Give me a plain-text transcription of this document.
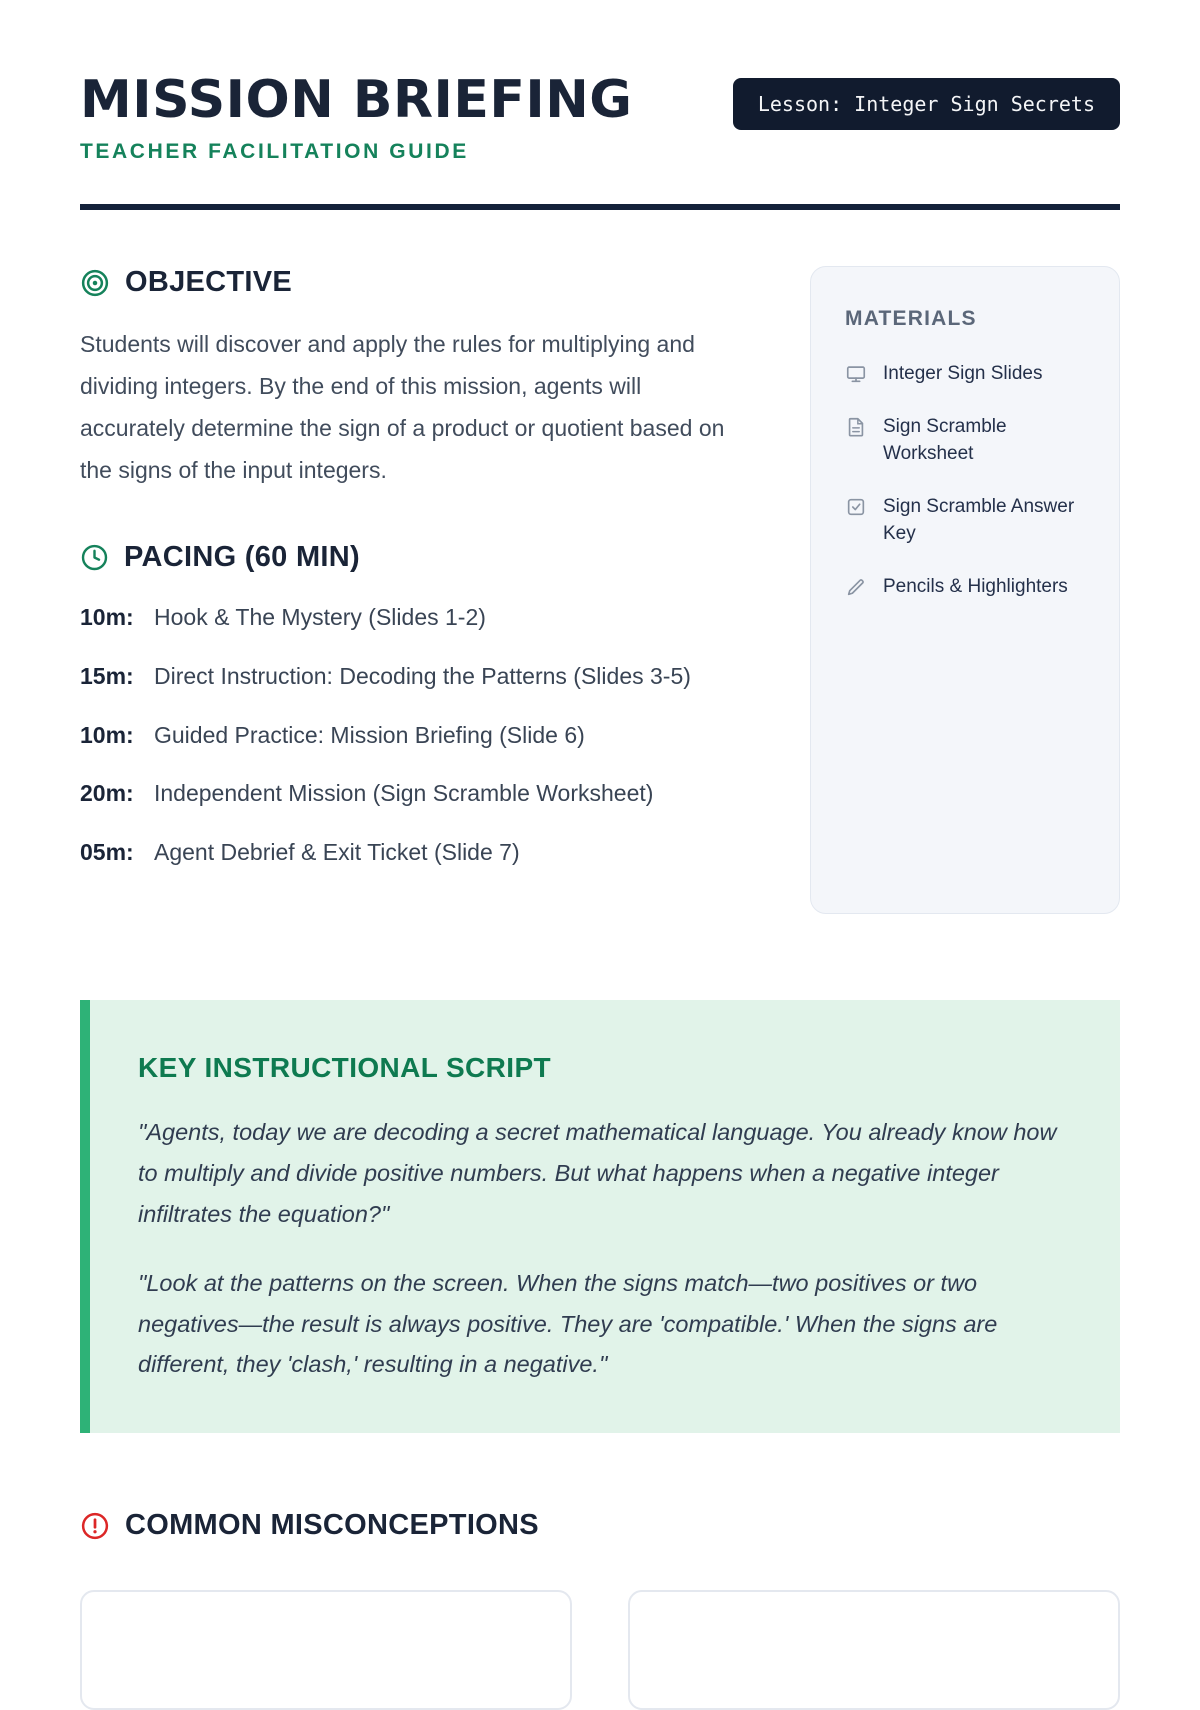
MISSION BRIEFING
TEACHER FACILITATION GUIDE
Lesson: Integer Sign Secrets
OBJECTIVE

Students will discover and apply the rules for multiplying and dividing integers. By the end of this mission, agents will accurately determine the sign of a product or quotient based on the signs of the input integers.

PACING (60 MIN)
10m: Hook & The Mystery (Slides 1-2)
15m: Direct Instruction: Decoding the Patterns (Slides 3-5)
10m: Guided Practice: Mission Briefing (Slide 6)
20m: Independent Mission (Sign Scramble Worksheet)
05m: Agent Debrief & Exit Ticket (Slide 7)
MATERIALS
Integer Sign Slides
Sign Scramble Worksheet
Sign Scramble Answer Key
Pencils & Highlighters
KEY INSTRUCTIONAL SCRIPT

"Agents, today we are decoding a secret mathematical language. You already know how to multiply and divide positive numbers. But what happens when a negative integer infiltrates the equation?"

"Look at the patterns on the screen. When the signs match—two positives or two negatives—the result is always positive. They are 'compatible.' When the signs are different, they 'clash,' resulting in a negative."

COMMON MISCONCEPTIONS
